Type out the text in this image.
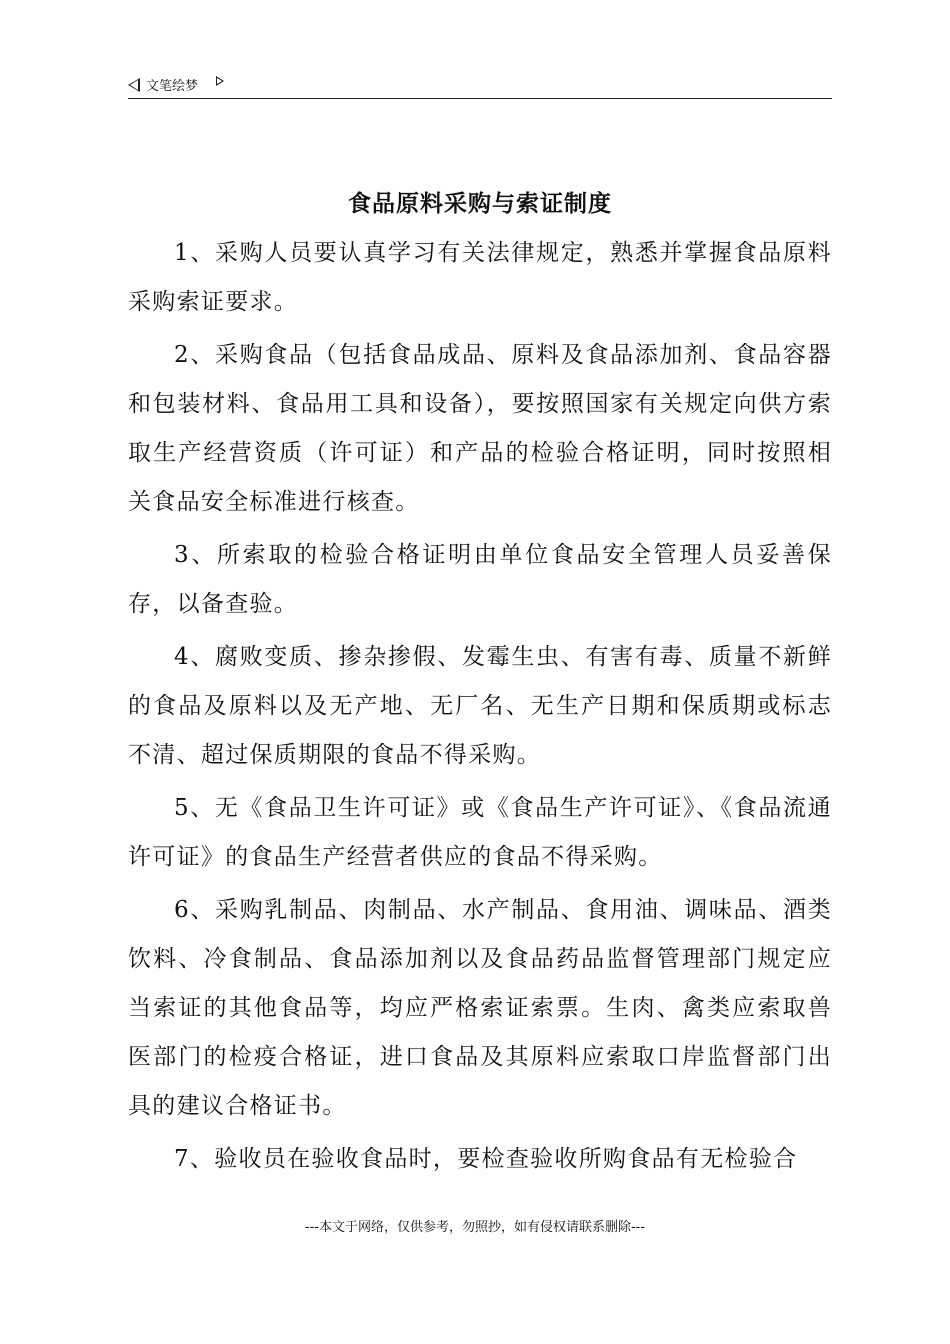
文笔绘梦
食品原料采购与索证制度

1、采购人员要认真学习有关法律规定，熟悉并掌握食品原料采购索证要求。

2、采购食品（包括食品成品、原料及食品添加剂、食品容器和包装材料、食品用工具和设备），要按照国家有关规定向供方索取生产经营资质（许可证）和产品的检验合格证明，同时按照相关食品安全标准进行核查。

3、所索取的检验合格证明由单位食品安全管理人员妥善保存，以备查验。

4、腐败变质、掺杂掺假、发霉生虫、有害有毒、质量不新鲜的食品及原料以及无产地、无厂名、无生产日期和保质期或标志不清、超过保质期限的食品不得采购。

5、无《食品卫生许可证》或《食品生产许可证》、《食品流通许可证》的食品生产经营者供应的食品不得采购。

6、采购乳制品、肉制品、水产制品、食用油、调味品、酒类饮料、冷食制品、食品添加剂以及食品药品监督管理部门规定应当索证的其他食品等，均应严格索证索票。生肉、禽类应索取兽医部门的检疫合格证，进口食品及其原料应索取口岸监督部门出具的建议合格证书。

7、验收员在验收食品时，要检查验收所购食品有无检验合

---本文于网络，仅供参考，勿照抄，如有侵权请联系删除---
